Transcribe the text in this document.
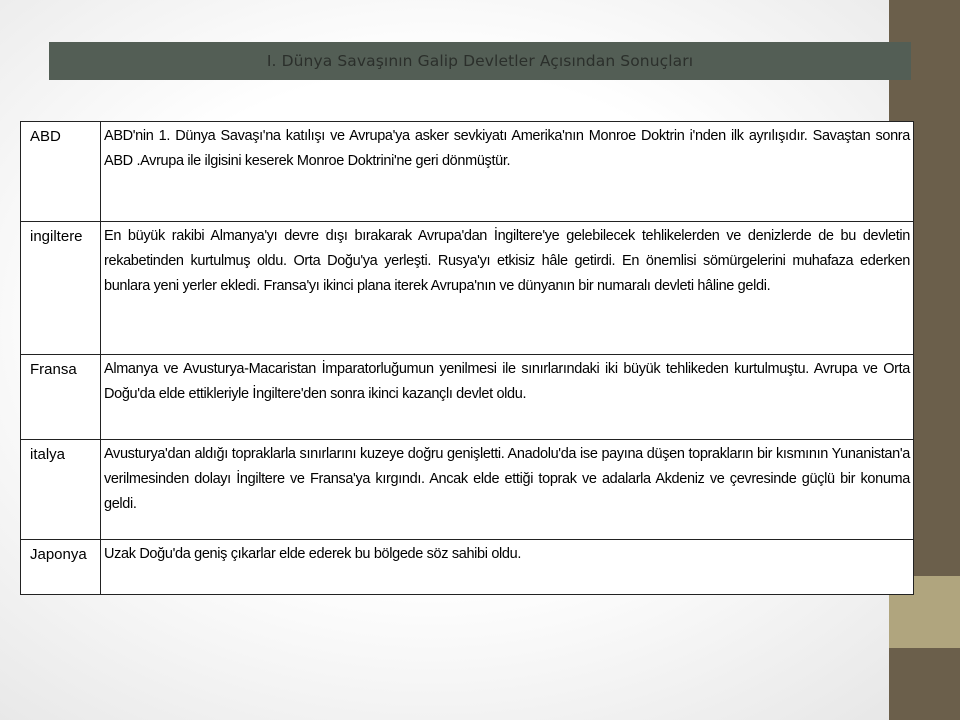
I. Dünya Savaşının Galip Devletler Açısından Sonuçları
ABD	ABD'nin 1. Dünya Savaşı'na katılışı ve Avrupa'ya asker sevkiyatı Amerika'nın Monroe Doktrin i'nden ilk ayrılışıdır. Savaştan sonra ABD .Avrupa ile ilgisini keserek Monroe Doktrini'ne geri dönmüştür.
ingiltere	En büyük rakibi Almanya'yı devre dışı bırakarak Avrupa'dan İngiltere'ye gelebilecek tehlikelerden ve denizlerde de bu devletin rekabetinden kurtulmuş oldu. Orta Doğu'ya yerleşti. Rusya'yı etkisiz hâle getirdi. En önemlisi sömürgelerini muhafaza ederken bunlara yeni yerler ekledi. Fransa'yı ikinci plana iterek Avrupa'nın ve dünyanın bir numaralı devleti hâline geldi.
Fransa	Almanya ve Avusturya-Macaristan İmparatorluğumun yenilmesi ile sınırlarındaki iki büyük tehlikeden kurtulmuştu. Avrupa ve Orta Doğu'da elde ettikleriyle İngiltere'den sonra ikinci kazançlı devlet oldu.
italya	Avusturya'dan aldığı topraklarla sınırlarını kuzeye doğru genişletti. Anadolu'da ise payına düşen toprakların bir kısmının Yunanistan'a verilmesinden dolayı İngiltere ve Fransa'ya kırgındı. Ancak elde ettiği toprak ve adalarla Akdeniz ve çevresinde güçlü bir konuma geldi.
Japonya	Uzak Doğu'da geniş çıkarlar elde ederek bu bölgede söz sahibi oldu.
